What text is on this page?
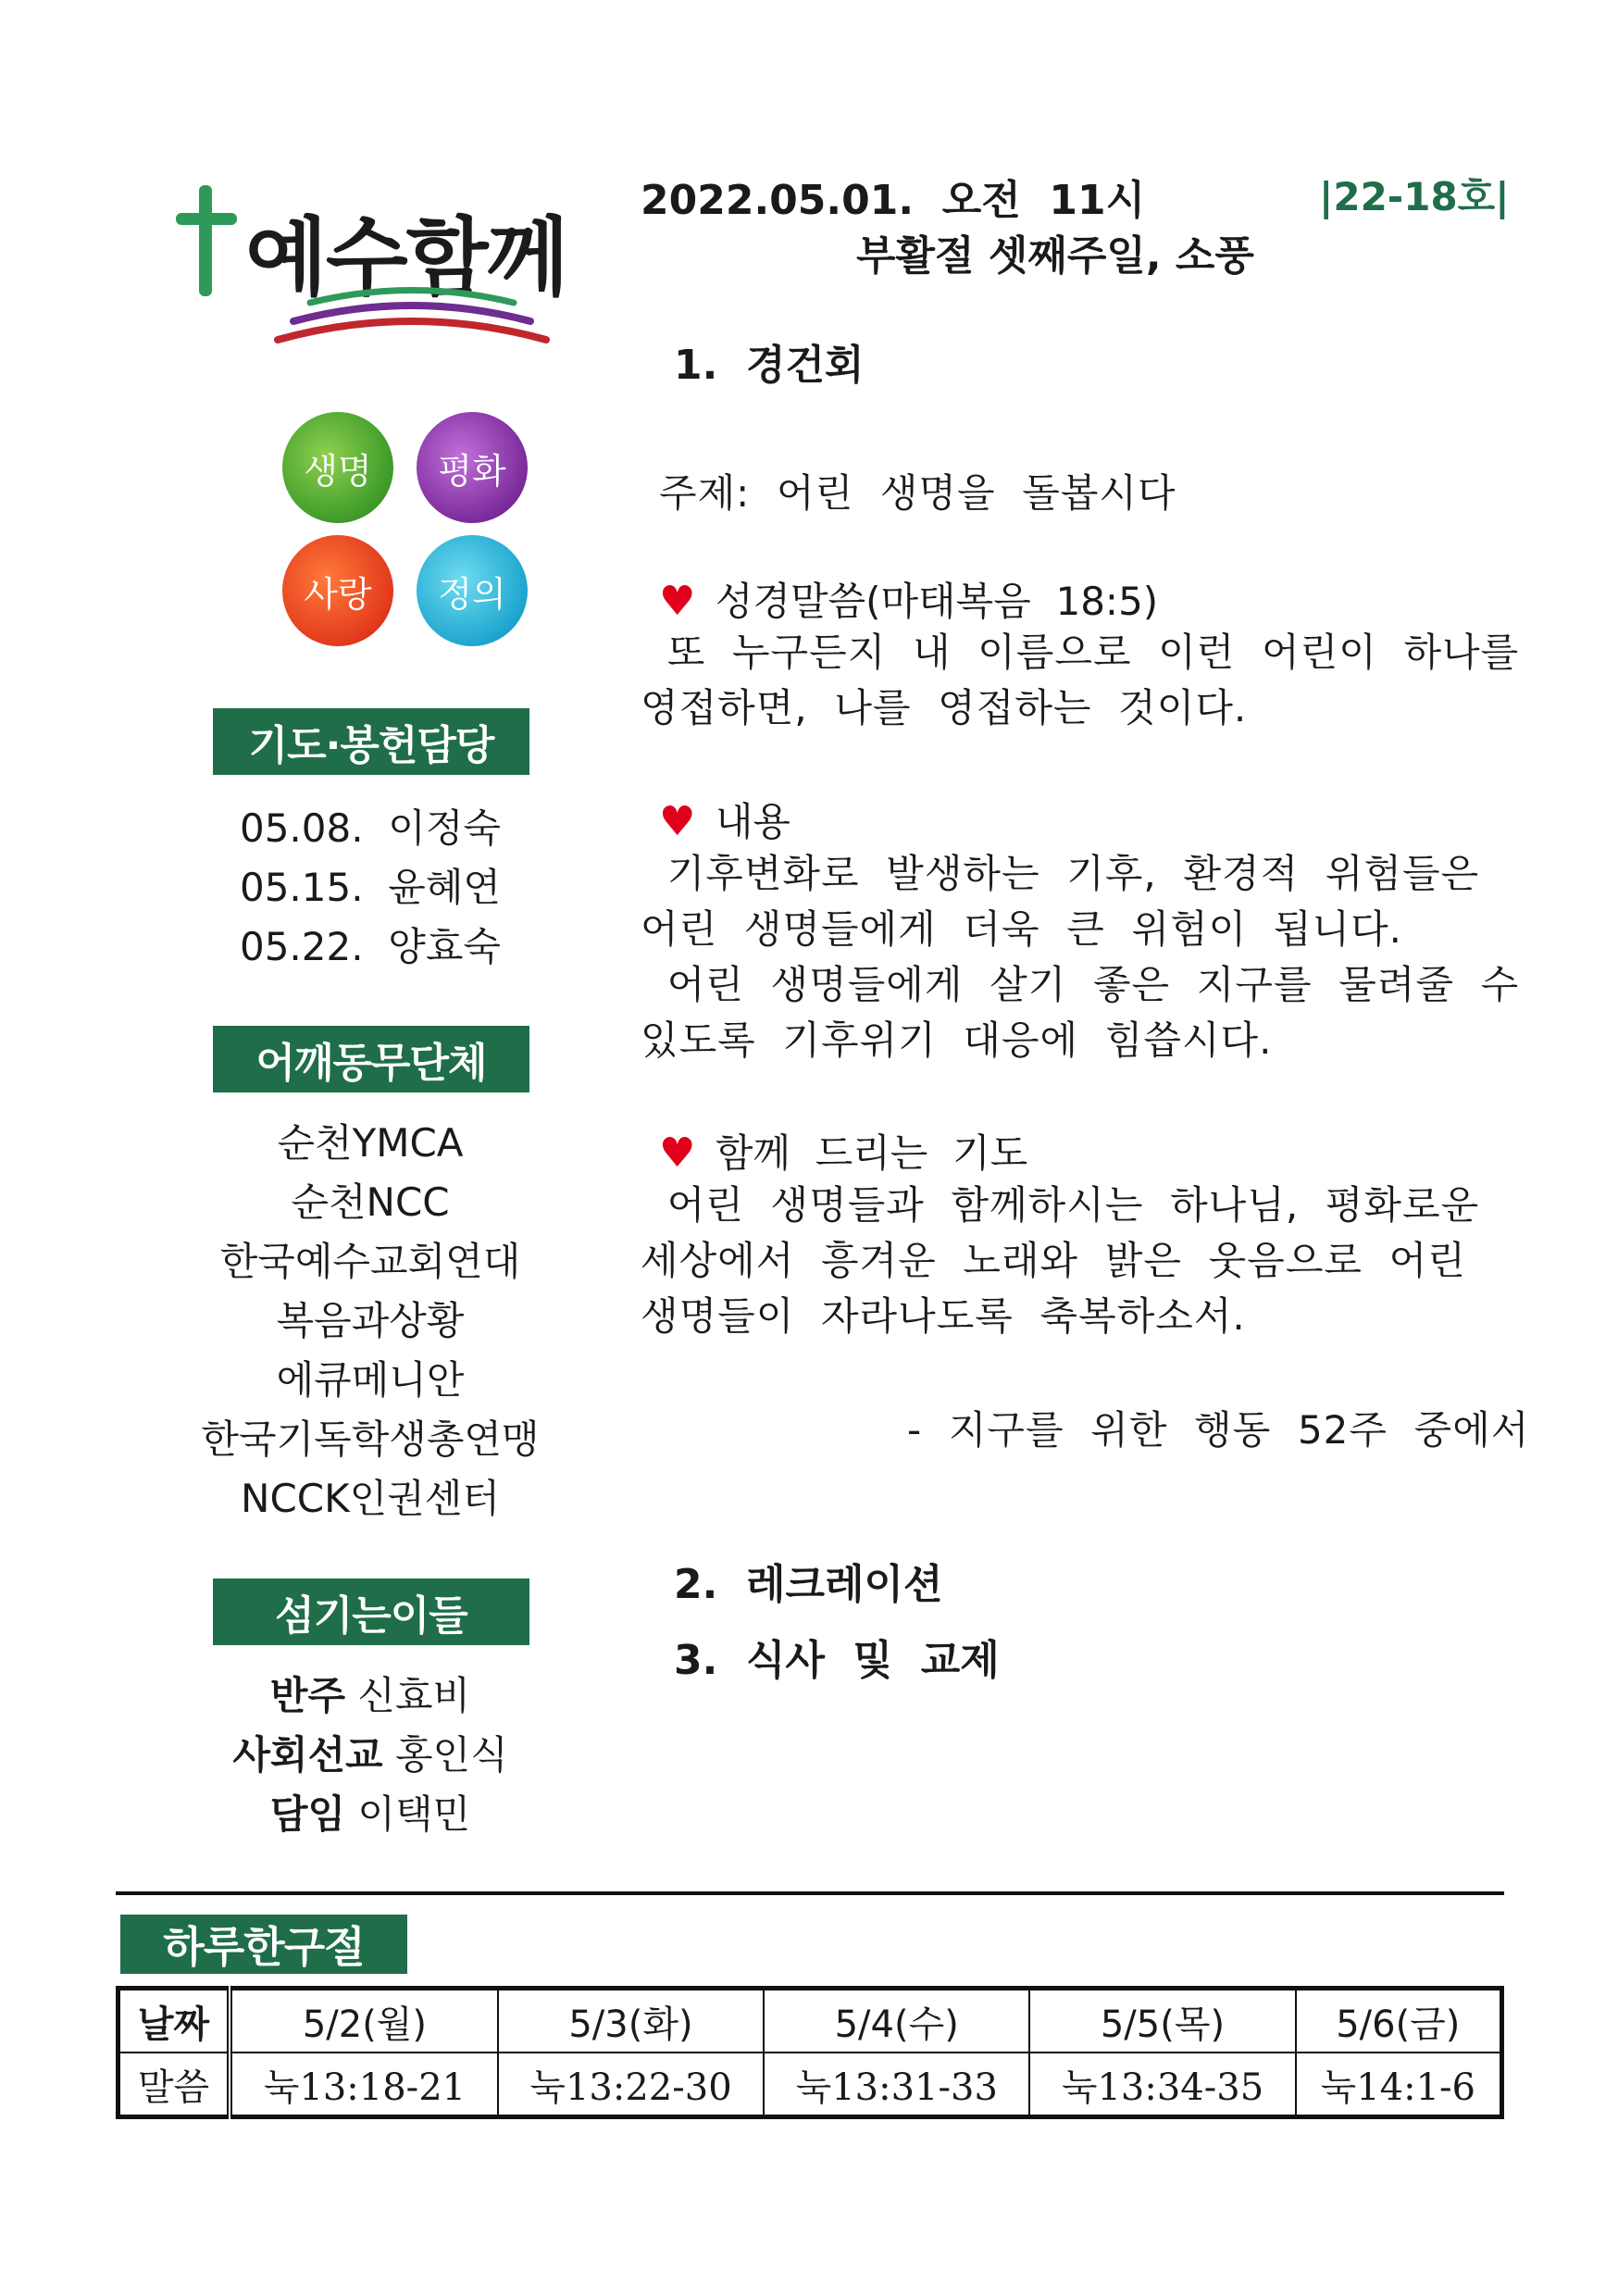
예수함께
생명 평화
사랑 정의
기도·봉헌담당
05.08.  이정숙
05.15.  윤혜연
05.22.  양효숙
어깨동무단체
순천YMCA
순천NCC
한국예수교회연대
복음과상황
에큐메니안
한국기독학생총연맹
NCCK인권센터
섬기는이들
반주 신효비
사회선교 홍인식
담임 이택민
2022.05.01.  오전  11시	|22-18호|
부활절 셋째주일, 소풍
1.  경건회
주제:  어린  생명을  돌봅시다
♥ 성경말씀(마태복음  18:5)
또  누구든지  내  이름으로  이런  어린이  하나를
영접하면,  나를  영접하는  것이다.
♥ 내용
기후변화로  발생하는  기후,  환경적  위험들은
어린  생명들에게  더욱  큰  위험이  됩니다.
어린  생명들에게  살기  좋은  지구를  물려줄  수
있도록  기후위기  대응에  힘씁시다.
♥ 함께  드리는  기도
어린  생명들과  함께하시는  하나님,  평화로운
세상에서  흥겨운  노래와  밝은  웃음으로  어린
생명들이  자라나도록  축복하소서.
-  지구를  위한  행동  52주  중에서
2.  레크레이션
3.  식사  및  교제
하루한구절
날짜	5/2(월)	5/3(화)	5/4(수)	5/5(목)	5/6(금)
말씀	눅13:18-21	눅13:22-30	눅13:31-33	눅13:34-35	눅14:1-6
